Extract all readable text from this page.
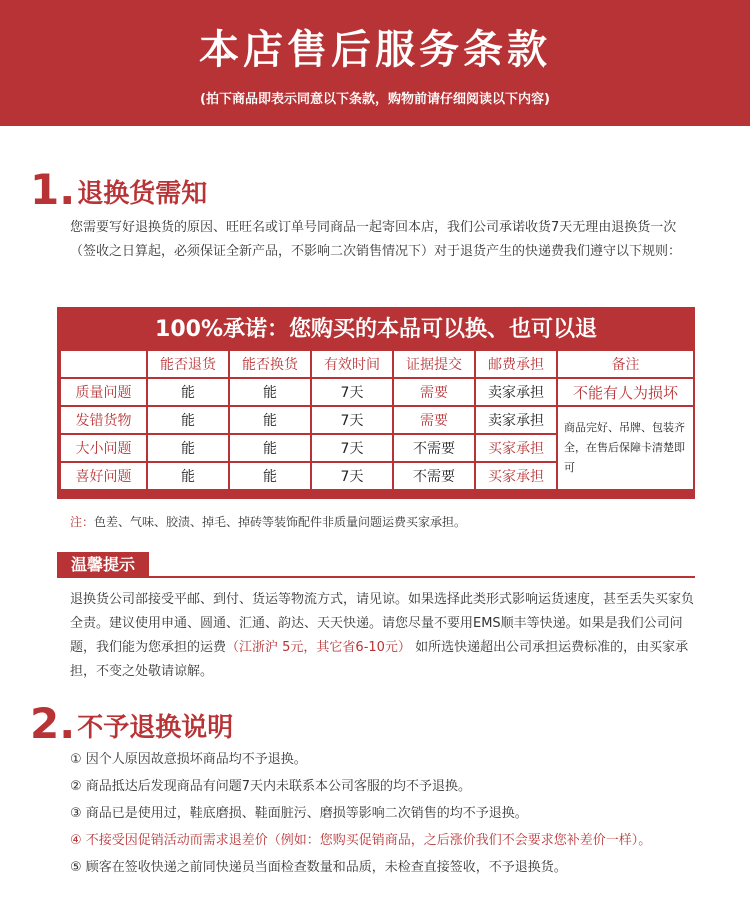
本店售后服务条款
(拍下商品即表示同意以下条款，购物前请仔细阅读以下内容)
1. 退换货需知
您需要写好退换货的原因、旺旺名或订单号同商品一起寄回本店，我们公司承诺收货7天无理由退换货一次（签收之日算起，必须保证全新产品，不影响二次销售情况下）对于退货产生的快递费我们遵守以下规则：
100%承诺：您购买的本品可以换、也可以退
	能否退货	能否换货	有效时间	证据提交	邮费承担	备注
质量问题	能	能	7天	需要	卖家承担	不能有人为损坏
发错货物	能	能	7天	需要	卖家承担	商品完好、吊牌、包装齐全，在售后保障卡清楚即可
大小问题	能	能	7天	不需要	买家承担	
喜好问题	能	能	7天	不需要	买家承担	
注：色差、气味、胶渍、掉毛、掉砖等装饰配件非质量问题运费买家承担。
温馨提示
退换货公司部接受平邮、到付、货运等物流方式，请见谅。如果选择此类形式影响运货速度，甚至丢失买家负全责。建议使用申通、圆通、汇通、韵达、天天快递。请您尽量不要用EMS顺丰等快递。如果是我们公司问题，我们能为您承担的运费（江浙沪 5元，其它省6-10元） 如所选快递超出公司承担运费标准的，由买家承担，不变之处敬请谅解。
2. 不予退换说明
① 因个人原因故意损坏商品均不予退换。
② 商品抵达后发现商品有问题7天内未联系本公司客服的均不予退换。
③ 商品已是使用过，鞋底磨损、鞋面脏污、磨损等影响二次销售的均不予退换。
④ 不接受因促销活动而需求退差价（例如：您购买促销商品，之后涨价我们不会要求您补差价一样）。
⑤ 顾客在签收快递之前同快递员当面检查数量和品质，未检查直接签收，不予退换货。
